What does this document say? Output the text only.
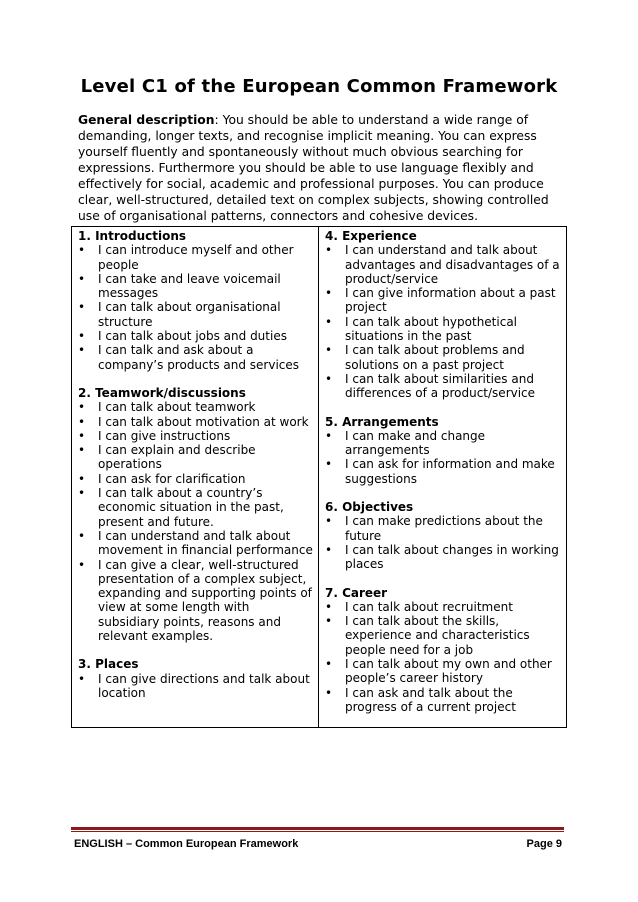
Level C1 of the European Common Framework
General description: You should be able to understand a wide range of demanding, longer texts, and recognise implicit meaning. You can express yourself fluently and spontaneously without much obvious searching for expressions. Furthermore you should be able to use language flexibly and effectively for social, academic and professional purposes. You can produce clear, well-structured, detailed text on complex subjects, showing controlled use of organisational patterns, connectors and cohesive devices.
1. Introductions
• I can introduce myself and other people
• I can take and leave voicemail messages
• I can talk about organisational structure
• I can talk about jobs and duties
• I can talk and ask about a company’s products and services
2. Teamwork/discussions
• I can talk about teamwork
• I can talk about motivation at work
• I can give instructions
• I can explain and describe operations
• I can ask for clarification
• I can talk about a country’s economic situation in the past, present and future.
• I can understand and talk about movement in financial performance
• I can give a clear, well-structured presentation of a complex subject, expanding and supporting points of view at some length with subsidiary points, reasons and relevant examples.
3. Places
• I can give directions and talk about location
4. Experience
• I can understand and talk about advantages and disadvantages of a product/service
• I can give information about a past project
• I can talk about hypothetical situations in the past
• I can talk about problems and solutions on a past project
• I can talk about similarities and differences of a product/service
5. Arrangements
• I can make and change arrangements
• I can ask for information and make suggestions
6. Objectives
• I can make predictions about the future
• I can talk about changes in working places
7. Career
• I can talk about recruitment
• I can talk about the skills, experience and characteristics people need for a job
• I can talk about my own and other people’s career history
• I can ask and talk about the progress of a current project
ENGLISH – Common European Framework	Page 9
